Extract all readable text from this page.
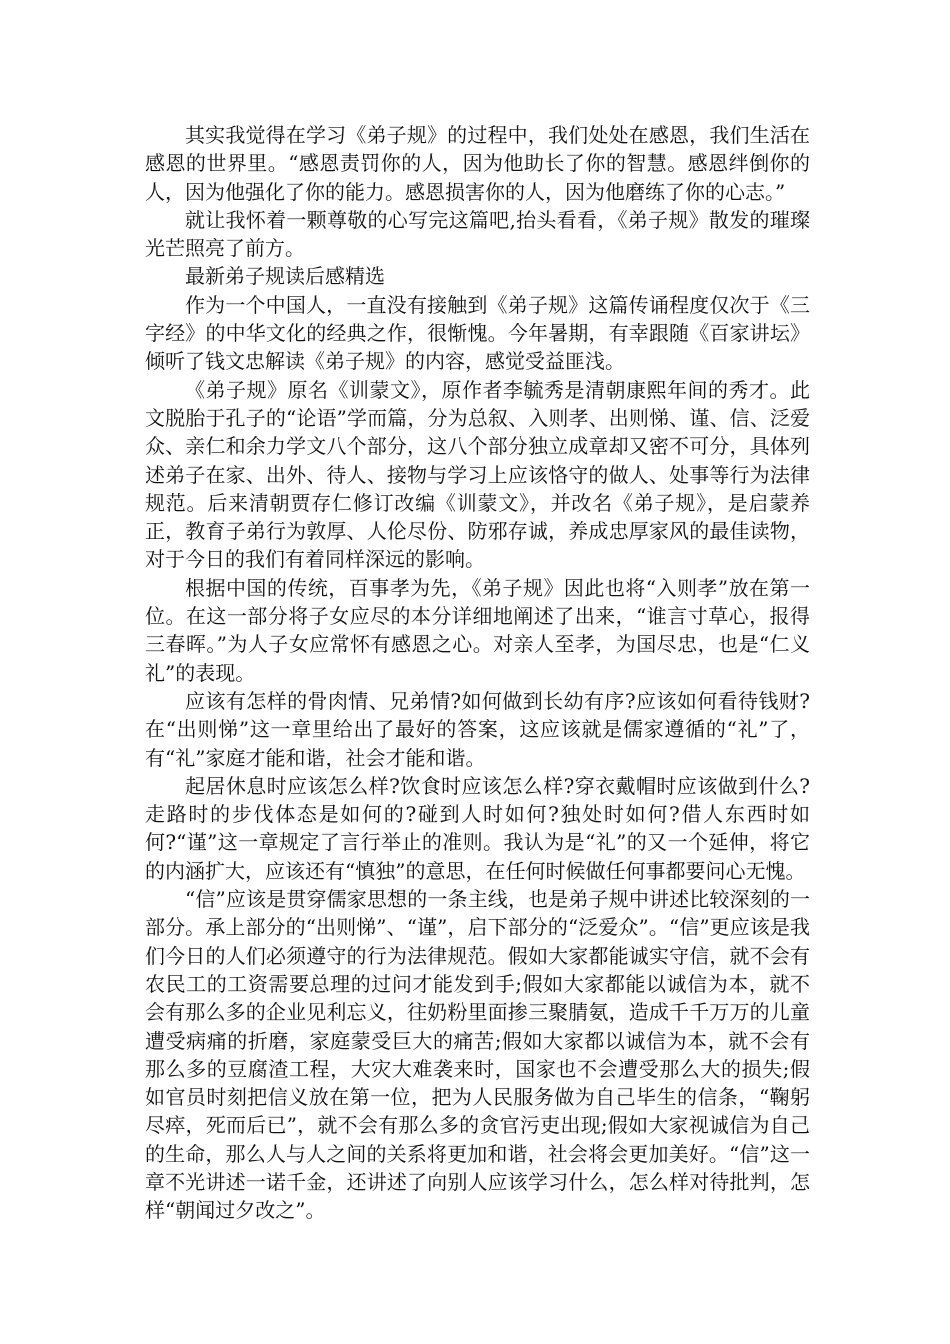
其实我觉得在学习《弟子规》的过程中，我们处处在感恩，我们生活在感恩的世界里。“感恩责罚你的人，因为他助长了你的智慧。感恩绊倒你的人，因为他强化了你的能力。感恩损害你的人，因为他磨练了你的心志。”

就让我怀着一颗尊敬的心写完这篇吧,抬头看看，《弟子规》散发的璀璨光芒照亮了前方。

最新弟子规读后感精选

作为一个中国人，一直没有接触到《弟子规》这篇传诵程度仅次于《三字经》的中华文化的经典之作，很惭愧。今年暑期，有幸跟随《百家讲坛》倾听了钱文忠解读《弟子规》的内容，感觉受益匪浅。

《弟子规》原名《训蒙文》，原作者李毓秀是清朝康熙年间的秀才。此文脱胎于孔子的“论语”学而篇，分为总叙、入则孝、出则悌、谨、信、泛爱众、亲仁和余力学文八个部分，这八个部分独立成章却又密不可分，具体列述弟子在家、出外、待人、接物与学习上应该恪守的做人、处事等行为法律规范。后来清朝贾存仁修订改编《训蒙文》，并改名《弟子规》，是启蒙养正，教育子弟行为敦厚、人伦尽份、防邪存诚，养成忠厚家风的最佳读物，对于今日的我们有着同样深远的影响。

根据中国的传统，百事孝为先，《弟子规》因此也将“入则孝”放在第一位。在这一部分将子女应尽的本分详细地阐述了出来，“谁言寸草心，报得三春晖。”为人子女应常怀有感恩之心。对亲人至孝，为国尽忠，也是“仁义礼”的表现。

应该有怎样的骨肉情、兄弟情?如何做到长幼有序?应该如何看待钱财?在“出则悌”这一章里给出了最好的答案，这应该就是儒家遵循的“礼”了，有“礼”家庭才能和谐，社会才能和谐。

起居休息时应该怎么样?饮食时应该怎么样?穿衣戴帽时应该做到什么?走路时的步伐体态是如何的?碰到人时如何?独处时如何?借人东西时如何?“谨”这一章规定了言行举止的准则。我认为是“礼”的又一个延伸，将它的内涵扩大，应该还有“慎独”的意思，在任何时候做任何事都要问心无愧。

“信”应该是贯穿儒家思想的一条主线，也是弟子规中讲述比较深刻的一部分。承上部分的“出则悌”、“谨”，启下部分的“泛爱众”。“信”更应该是我们今日的人们必须遵守的行为法律规范。假如大家都能诚实守信，就不会有农民工的工资需要总理的过问才能发到手;假如大家都能以诚信为本，就不会有那么多的企业见利忘义，往奶粉里面掺三聚腈氨，造成千千万万的儿童遭受病痛的折磨，家庭蒙受巨大的痛苦;假如大家都以诚信为本，就不会有那么多的豆腐渣工程，大灾大难袭来时，国家也不会遭受那么大的损失;假如官员时刻把信义放在第一位，把为人民服务做为自己毕生的信条，“鞠躬尽瘁，死而后已”，就不会有那么多的贪官污吏出现;假如大家视诚信为自己的生命，那么人与人之间的关系将更加和谐，社会将会更加美好。“信”这一章不光讲述一诺千金，还讲述了向别人应该学习什么，怎么样对待批判，怎样“朝闻过夕改之”。
